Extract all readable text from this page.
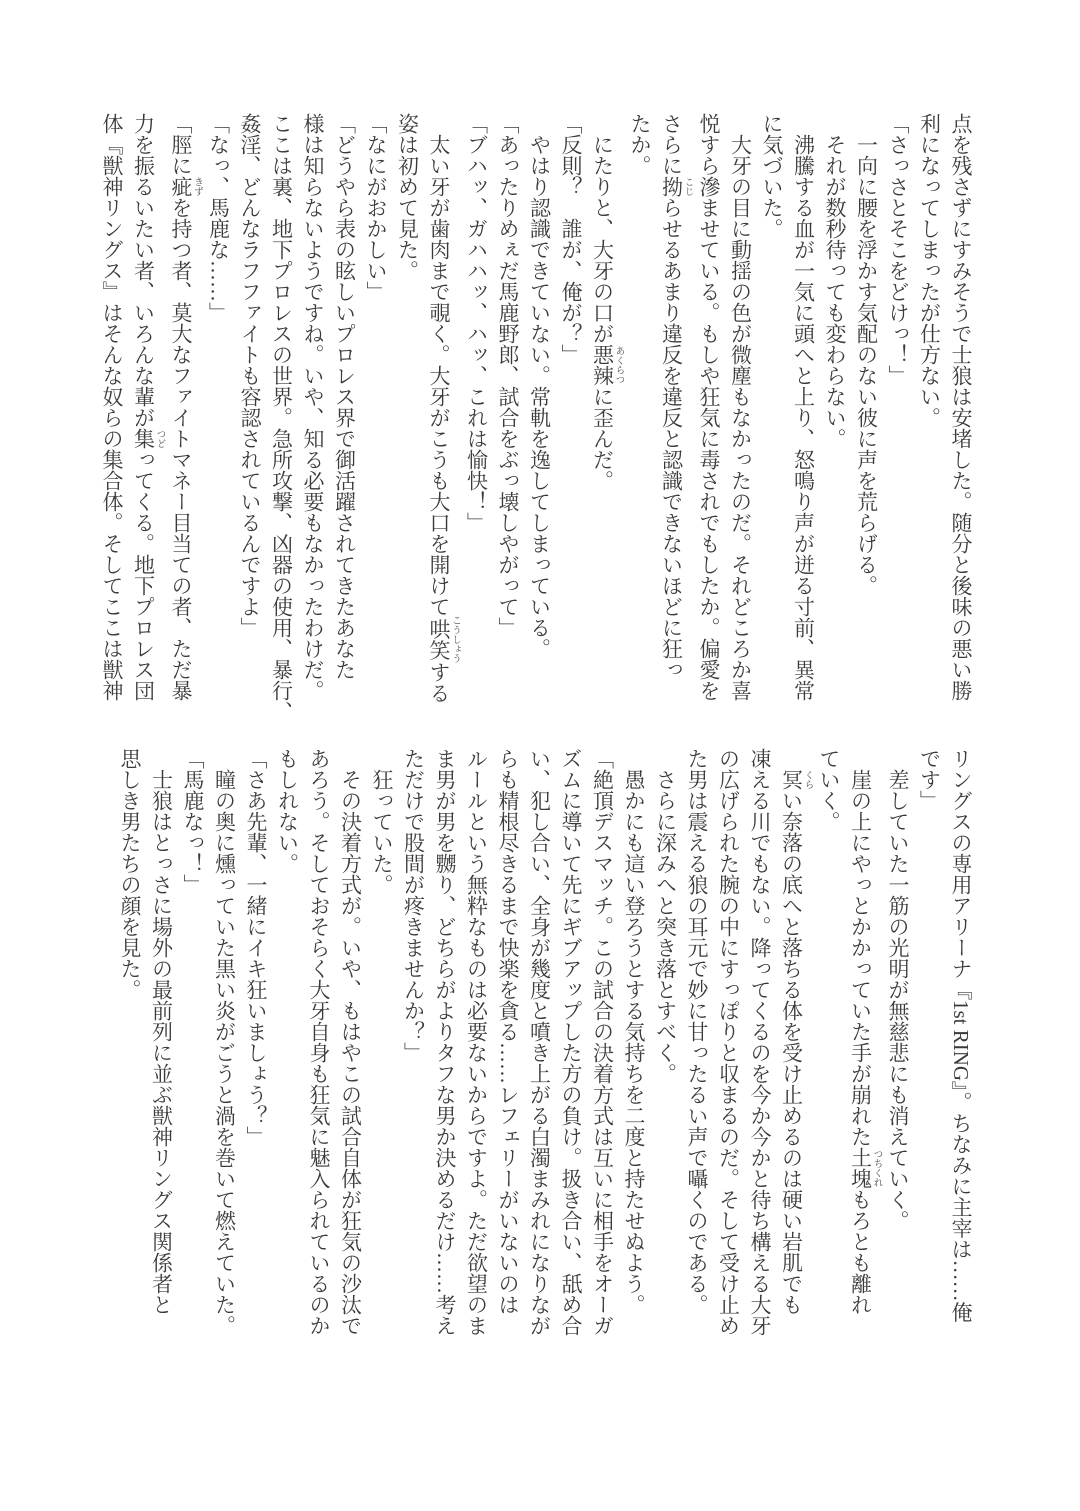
点を残さずにすみそうで士狼は安堵した。随分と後味の悪い勝

利になってしまったが仕方ない。

「さっさとそこをどけっ！」

一向に腰を浮かす気配のない彼に声を荒らげる。

それが数秒待っても変わらない。

沸騰する血が一気に頭へと上り、怒鳴り声が迸る寸前、異常

に気づいた。

大牙の目に動揺の色が微塵もなかったのだ。それどころか喜

悦すら滲ませている。もしや狂気に毒されでもしたか。偏愛を

さらに拗 こじらせるあまり違反を違反と認識できないほどに狂っ

たか。

にたりと、大牙の口が悪辣 あくらつに歪んだ。

「反則？　誰が、俺が？」

やはり認識できていない。常軌を逸してしまっている。

「あったりめぇだ馬鹿野郎、試合をぶっ壊しやがって」

「ブハッ、ガハハッ、ハッ、これは愉快！」

太い牙が歯肉まで覗く。大牙がこうも大口を開けて哄笑 こうしょうする

姿は初めて見た。

「なにがおかしい」

「どうやら表の眩しいプロレス界で御活躍されてきたあなた

様は知らないようですね。いや、知る必要もなかったわけだ。

ここは裏、地下プロレスの世界。急所攻撃、凶器の使用、暴行、

姦淫、どんなラフファイトも容認されているんですよ」

「なっ、馬鹿な……」

「脛に疵 きずを持つ者、莫大なファイトマネー目当ての者、ただ暴

力を振るいたい者、いろんな輩が集 つどってくる。地下プロレス団

体『獣神リングス』はそんな奴らの集合体。そしてここは獣神

リングスの専用アリーナ『1st RING』。ちなみに主宰は……俺

です」

差していた一筋の光明が無慈悲にも消えていく。

崖の上にやっとかかっていた手が崩れた土塊 つちくれもろとも離れ

ていく。

冥 くらい奈落の底へと落ちる体を受け止めるのは硬い岩肌でも

凍える川でもない。降ってくるのを今か今かと待ち構える大牙

の広げられた腕の中にすっぽりと収まるのだ。そして受け止め

た男は震える狼の耳元で妙に甘ったるい声で囁くのである。

さらに深みへと突き落とすべく。

愚かにも這い登ろうとする気持ちを二度と持たせぬよう。

「絶頂デスマッチ。この試合の決着方式は互いに相手をオーガ

ズムに導いて先にギブアップした方の負け。扱き合い、舐め合

い、犯し合い、全身が幾度と噴き上がる白濁まみれになりなが

らも精根尽きるまで快楽を貪る……レフェリーがいないのは

ルールという無粋なものは必要ないからですよ。ただ欲望のま

ま男が男を嬲り、どちらがよりタフな男か決めるだけ……考え

ただけで股間が疼きませんか？」

狂っていた。

その決着方式が。いや、もはやこの試合自体が狂気の沙汰で

あろう。そしておそらく大牙自身も狂気に魅入られているのか

もしれない。

「さあ先輩、一緒にイキ狂いましょう？」

瞳の奥に燻っていた黒い炎がごうと渦を巻いて燃えていた。

「馬鹿なっ！」

士狼はとっさに場外の最前列に並ぶ獣神リングス関係者と

思しき男たちの顔を見た。
